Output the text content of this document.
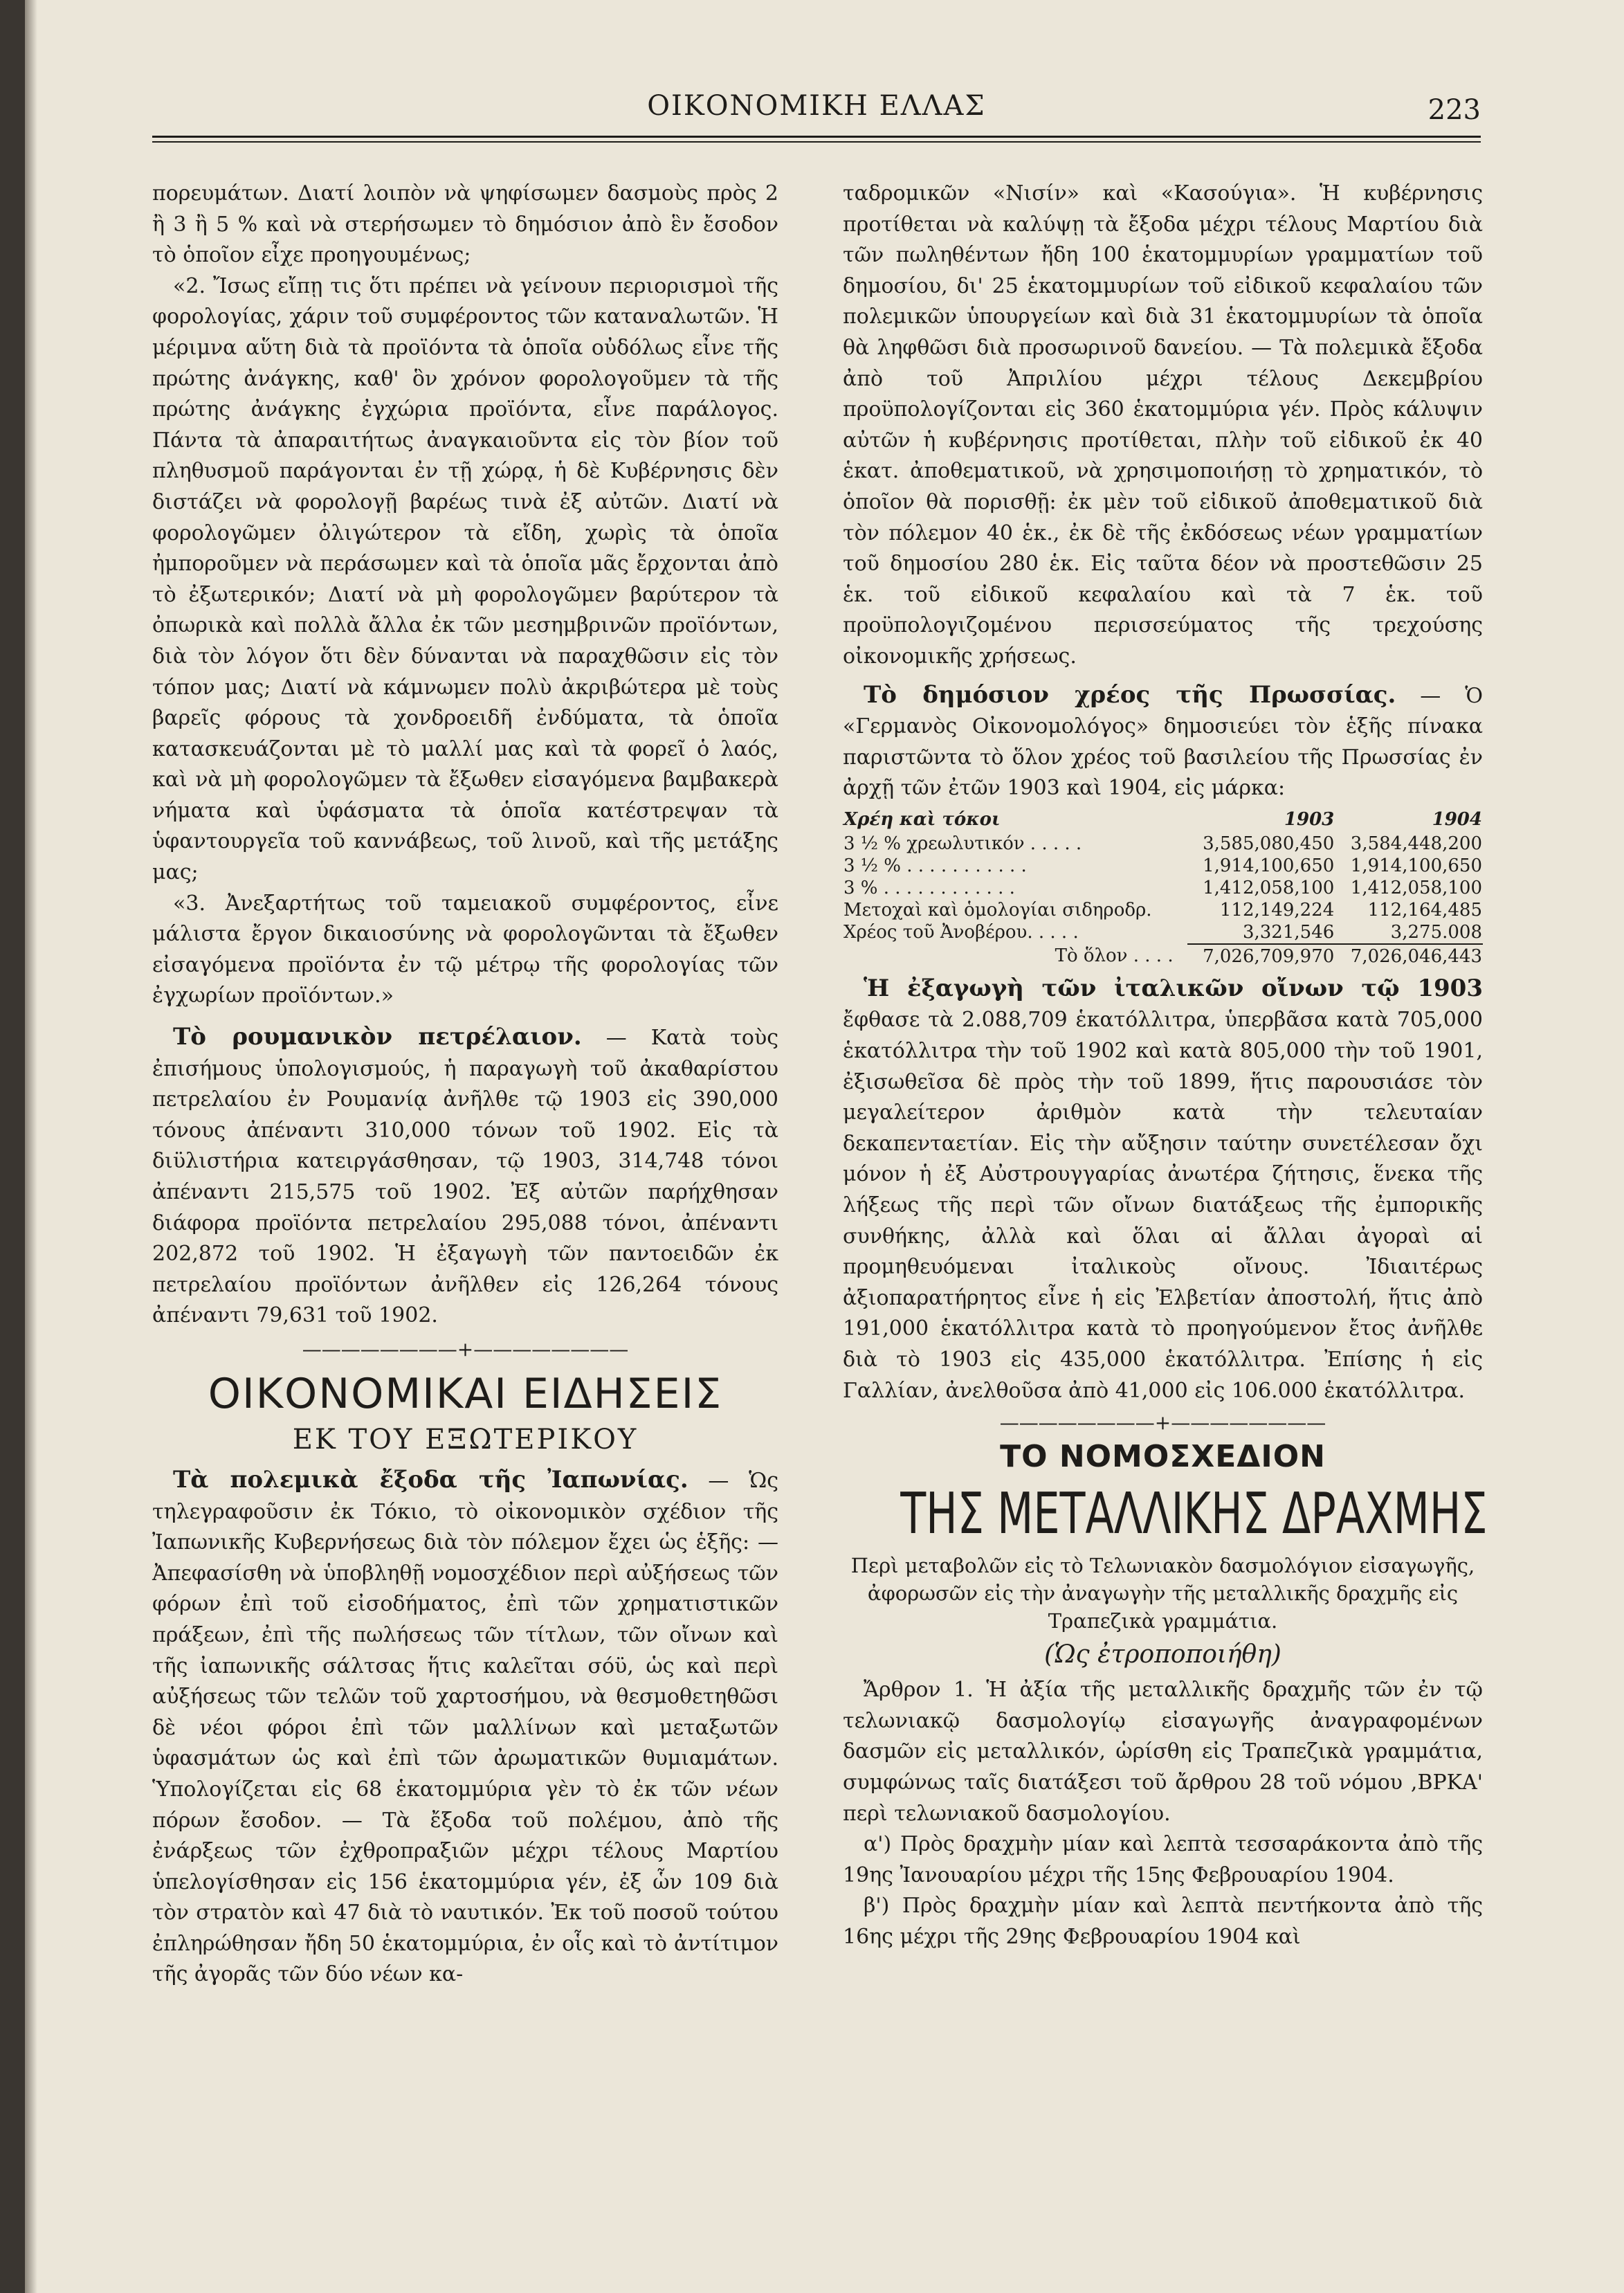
ΟΙΚΟΝΟΜΙΚΗ ΕΛΛΑΣ	223

πορευμάτων. Διατί λοιπὸν νὰ ψηφίσωμεν δασμοὺς πρὸς 2 ἢ 3 ἢ 5 % καὶ νὰ στερήσωμεν τὸ δημόσιον ἀπὸ ἓν ἔσοδον τὸ ὁποῖον εἶχε προηγουμένως;

«2. Ἴσως εἴπῃ τις ὅτι πρέπει νὰ γείνουν περιορισμοὶ τῆς φορολογίας, χάριν τοῦ συμφέροντος τῶν καταναλωτῶν. Ἡ μέριμνα αὕτη διὰ τὰ προϊόντα τὰ ὁποῖα οὐδόλως εἶνε τῆς πρώτης ἀνάγκης, καθ' ὃν χρόνον φορολογοῦμεν τὰ τῆς πρώτης ἀνάγκης ἐγχώρια προϊόντα, εἶνε παράλογος. Πάντα τὰ ἀπαραιτήτως ἀναγκαιοῦντα εἰς τὸν βίον τοῦ πληθυσμοῦ παράγονται ἐν τῇ χώρᾳ, ἡ δὲ Κυβέρνησις δὲν διστάζει νὰ φορολογῇ βαρέως τινὰ ἐξ αὐτῶν. Διατί νὰ φορολογῶμεν ὀλιγώτερον τὰ εἴδη, χωρὶς τὰ ὁποῖα ἠμποροῦμεν νὰ περάσωμεν καὶ τὰ ὁποῖα μᾶς ἔρχονται ἀπὸ τὸ ἐξωτερικόν; Διατί νὰ μὴ φορολογῶμεν βαρύτερον τὰ ὀπωρικὰ καὶ πολλὰ ἄλλα ἐκ τῶν μεσημβρινῶν προϊόντων, διὰ τὸν λόγον ὅτι δὲν δύνανται νὰ παραχθῶσιν εἰς τὸν τόπον μας; Διατί νὰ κάμνωμεν πολὺ ἀκριβώτερα μὲ τοὺς βαρεῖς φόρους τὰ χονδροειδῆ ἐνδύματα, τὰ ὁποῖα κατασκευάζονται μὲ τὸ μαλλί μας καὶ τὰ φορεῖ ὁ λαός, καὶ νὰ μὴ φορολογῶμεν τὰ ἔξωθεν εἰσαγόμενα βαμβακερὰ νήματα καὶ ὑφάσματα τὰ ὁποῖα κατέστρεψαν τὰ ὑφαντουργεῖα τοῦ καννάβεως, τοῦ λινοῦ, καὶ τῆς μετάξης μας;

«3. Ἀνεξαρτήτως τοῦ ταμειακοῦ συμφέροντος, εἶνε μάλιστα ἔργον δικαιοσύνης νὰ φορολογῶνται τὰ ἔξωθεν εἰσαγόμενα προϊόντα ἐν τῷ μέτρῳ τῆς φορολογίας τῶν ἐγχωρίων προϊόντων.»

Τὸ ρουμανικὸν πετρέλαιον. — Κατὰ τοὺς ἐπισήμους ὑπολογισμούς, ἡ παραγωγὴ τοῦ ἀκαθαρίστου πετρελαίου ἐν Ρουμανίᾳ ἀνῆλθε τῷ 1903 εἰς 390,000 τόνους ἀπέναντι 310,000 τόνων τοῦ 1902. Εἰς τὰ διϋλιστήρια κατειργάσθησαν, τῷ 1903, 314,748 τόνοι ἀπέναντι 215,575 τοῦ 1902. Ἐξ αὐτῶν παρήχθησαν διάφορα προϊόντα πετρελαίου 295,088 τόνοι, ἀπέναντι 202,872 τοῦ 1902. Ἡ ἐξαγωγὴ τῶν παντοειδῶν ἐκ πετρελαίου προϊόντων ἀνῆλθεν εἰς 126,264 τόνους ἀπέναντι 79,631 τοῦ 1902.

————————+————————
ΟΙΚΟΝΟΜΙΚΑΙ ΕΙΔΗΣΕΙΣ
ΕΚ ΤΟΥ ΕΞΩΤΕΡΙΚΟΥ

Τὰ πολεμικὰ ἔξοδα τῆς Ἰαπωνίας. — Ὡς τηλεγραφοῦσιν ἐκ Τόκιο, τὸ οἰκονομικὸν σχέδιον τῆς Ἰαπωνικῆς Κυβερνήσεως διὰ τὸν πόλεμον ἔχει ὡς ἑξῆς: —Ἀπεφασίσθη νὰ ὑποβληθῇ νομοσχέδιον περὶ αὐξήσεως τῶν φόρων ἐπὶ τοῦ εἰσοδήματος, ἐπὶ τῶν χρηματιστικῶν πράξεων, ἐπὶ τῆς πωλήσεως τῶν τίτλων, τῶν οἴνων καὶ τῆς ἰαπωνικῆς σάλτσας ἥτις καλεῖται σόϋ, ὡς καὶ περὶ αὐξήσεως τῶν τελῶν τοῦ χαρτοσήμου, νὰ θεσμοθετηθῶσι δὲ νέοι φόροι ἐπὶ τῶν μαλλίνων καὶ μεταξωτῶν ὑφασμάτων ὡς καὶ ἐπὶ τῶν ἀρωματικῶν θυμιαμάτων. Ὑπολογίζεται εἰς 68 ἑκατομμύρια γὲν τὸ ἐκ τῶν νέων πόρων ἔσοδον. — Τὰ ἔξοδα τοῦ πολέμου, ἀπὸ τῆς ἐνάρξεως τῶν ἐχθροπραξιῶν μέχρι τέλους Μαρτίου ὑπελογίσθησαν εἰς 156 ἑκατομμύρια γέν, ἐξ ὧν 109 διὰ τὸν στρατὸν καὶ 47 διὰ τὸ ναυτικόν. Ἐκ τοῦ ποσοῦ τούτου ἐπληρώθησαν ἤδη 50 ἑκατομμύρια, ἐν οἷς καὶ τὸ ἀντίτιμον τῆς ἀγορᾶς τῶν δύο νέων κα-

ταδρομικῶν «Νισίν» καὶ «Κασούγια». Ἡ κυβέρνησις προτίθεται νὰ καλύψῃ τὰ ἔξοδα μέχρι τέλους Μαρτίου διὰ τῶν πωληθέντων ἤδη 100 ἑκατομμυρίων γραμματίων τοῦ δημοσίου, δι' 25 ἑκατομμυρίων τοῦ εἰδικοῦ κεφαλαίου τῶν πολεμικῶν ὑπουργείων καὶ διὰ 31 ἑκατομμυρίων τὰ ὁποῖα θὰ ληφθῶσι διὰ προσωρινοῦ δανείου. — Τὰ πολεμικὰ ἔξοδα ἀπὸ τοῦ Ἀπριλίου μέχρι τέλους Δεκεμβρίου προϋπολογίζονται εἰς 360 ἑκατομμύρια γέν. Πρὸς κάλυψιν αὐτῶν ἡ κυβέρνησις προτίθεται, πλὴν τοῦ εἰδικοῦ ἐκ 40 ἑκατ. ἀποθεματικοῦ, νὰ χρησιμοποιήσῃ τὸ χρηματικόν, τὸ ὁποῖον θὰ πορισθῇ: ἐκ μὲν τοῦ εἰδικοῦ ἀποθεματικοῦ διὰ τὸν πόλεμον 40 ἑκ., ἐκ δὲ τῆς ἐκδόσεως νέων γραμματίων τοῦ δημοσίου 280 ἑκ. Εἰς ταῦτα δέον νὰ προστεθῶσιν 25 ἑκ. τοῦ εἰδικοῦ κεφαλαίου καὶ τὰ 7 ἑκ. τοῦ προϋπολογιζομένου περισσεύματος τῆς τρεχούσης οἰκονομικῆς χρήσεως.

Τὸ δημόσιον χρέος τῆς Πρωσσίας. — Ὁ «Γερμανὸς Οἰκονομολόγος» δημοσιεύει τὸν ἑξῆς πίνακα παριστῶντα τὸ ὅλον χρέος τοῦ βασιλείου τῆς Πρωσσίας ἐν ἀρχῇ τῶν ἐτῶν 1903 καὶ 1904, εἰς μάρκα:

Χρέη καὶ τόκοι	1903	1904
3 ½ % χρεωλυτικόν . . . . .	3,585,080,450	3,584,448,200
3 ½ % . . . . . . . . . . .	1,914,100,650	1,914,100,650
3 % . . . . . . . . . . . .	1,412,058,100	1,412,058,100
Μετοχαὶ καὶ ὁμολογίαι σιδηροδρ.	112,149,224	112,164,485
Χρέος τοῦ Ἀνοβέρου. . . . .	3,321,546	3,275.008
Τὸ ὅλον . . . .	7,026,709,970	7,026,046,443

Ἡ ἐξαγωγὴ τῶν ἰταλικῶν οἴνων τῷ 1903 ἔφθασε τὰ 2.088,709 ἑκατόλλιτρα, ὑπερβᾶσα κατὰ 705,000 ἑκατόλλιτρα τὴν τοῦ 1902 καὶ κατὰ 805,000 τὴν τοῦ 1901, ἐξισωθεῖσα δὲ πρὸς τὴν τοῦ 1899, ἥτις παρουσιάσε τὸν μεγαλείτερον ἀριθμὸν κατὰ τὴν τελευταίαν δεκαπενταετίαν. Εἰς τὴν αὔξησιν ταύτην συνετέλεσαν ὄχι μόνον ἡ ἐξ Αὐστρουγγαρίας ἀνωτέρα ζήτησις, ἕνεκα τῆς λήξεως τῆς περὶ τῶν οἴνων διατάξεως τῆς ἐμπορικῆς συνθήκης, ἀλλὰ καὶ ὅλαι αἱ ἄλλαι ἀγοραὶ αἱ προμηθευόμεναι ἰταλικοὺς οἴνους. Ἰδιαιτέρως ἀξιοπαρατήρητος εἶνε ἡ εἰς Ἐλβετίαν ἀποστολή, ἥτις ἀπὸ 191,000 ἑκατόλλιτρα κατὰ τὸ προηγούμενον ἔτος ἀνῆλθε διὰ τὸ 1903 εἰς 435,000 ἑκατόλλιτρα. Ἐπίσης ἡ εἰς Γαλλίαν, ἀνελθοῦσα ἀπὸ 41,000 εἰς 106.000 ἑκατόλλιτρα.

————————+————————
ΤΟ ΝΟΜΟΣΧΕΔΙΟΝ
ΤΗΣ ΜΕΤΑΛΛΙΚΗΣ ΔΡΑΧΜΗΣ
Περὶ μεταβολῶν εἰς τὸ Τελωνιακὸν δασμολόγιον εἰσαγωγῆς, ἀφορωσῶν εἰς τὴν ἀναγωγὴν τῆς μεταλλικῆς δραχμῆς εἰς Τραπεζικὰ γραμμάτια.
(Ὡς ἐτροποποιήθη)

Ἄρθρον 1. Ἡ ἀξία τῆς μεταλλικῆς δραχμῆς τῶν ἐν τῷ τελωνιακῷ δασμολογίῳ εἰσαγωγῆς ἀναγραφομένων δασμῶν εἰς μεταλλικόν, ὡρίσθη εἰς Τραπεζικὰ γραμμάτια, συμφώνως ταῖς διατάξεσι τοῦ ἄρθρου 28 τοῦ νόμου ,ΒΡΚΑ' περὶ τελωνιακοῦ δασμολογίου.

α') Πρὸς δραχμὴν μίαν καὶ λεπτὰ τεσσαράκοντα ἀπὸ τῆς 19ης Ἰανουαρίου μέχρι τῆς 15ης Φεβρουαρίου 1904.

β') Πρὸς δραχμὴν μίαν καὶ λεπτὰ πεντήκοντα ἀπὸ τῆς 16ης μέχρι τῆς 29ης Φεβρουαρίου 1904 καὶ
